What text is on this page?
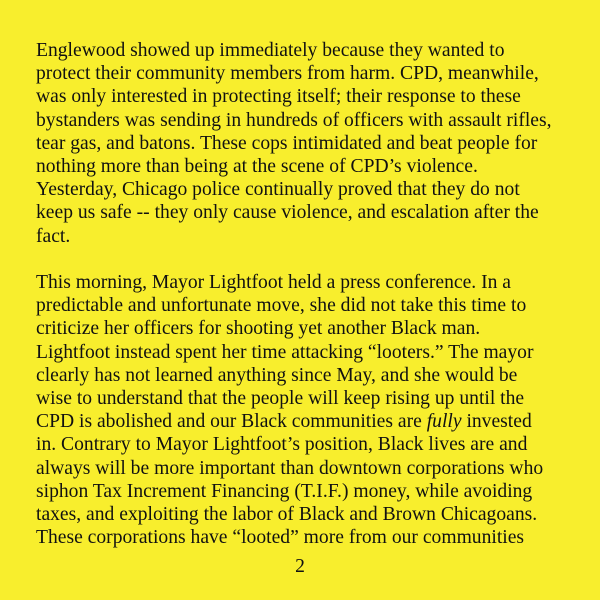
Englewood showed up immediately because they wanted to
protect their community members from harm. CPD, meanwhile,
was only interested in protecting itself; their response to these
bystanders was sending in hundreds of officers with assault rifles,
tear gas, and batons. These cops intimidated and beat people for
nothing more than being at the scene of CPD’s violence.
Yesterday, Chicago police continually proved that they do not
keep us safe -- they only cause violence, and escalation after the
fact.
This morning, Mayor Lightfoot held a press conference. In a
predictable and unfortunate move, she did not take this time to
criticize her officers for shooting yet another Black man.
Lightfoot instead spent her time attacking “looters.” The mayor
clearly has not learned anything since May, and she would be
wise to understand that the people will keep rising up until the
CPD is abolished and our Black communities are fully invested
in. Contrary to Mayor Lightfoot’s position, Black lives are and
always will be more important than downtown corporations who
siphon Tax Increment Financing (T.I.F.) money, while avoiding
taxes, and exploiting the labor of Black and Brown Chicagoans.
These corporations have “looted” more from our communities
2
